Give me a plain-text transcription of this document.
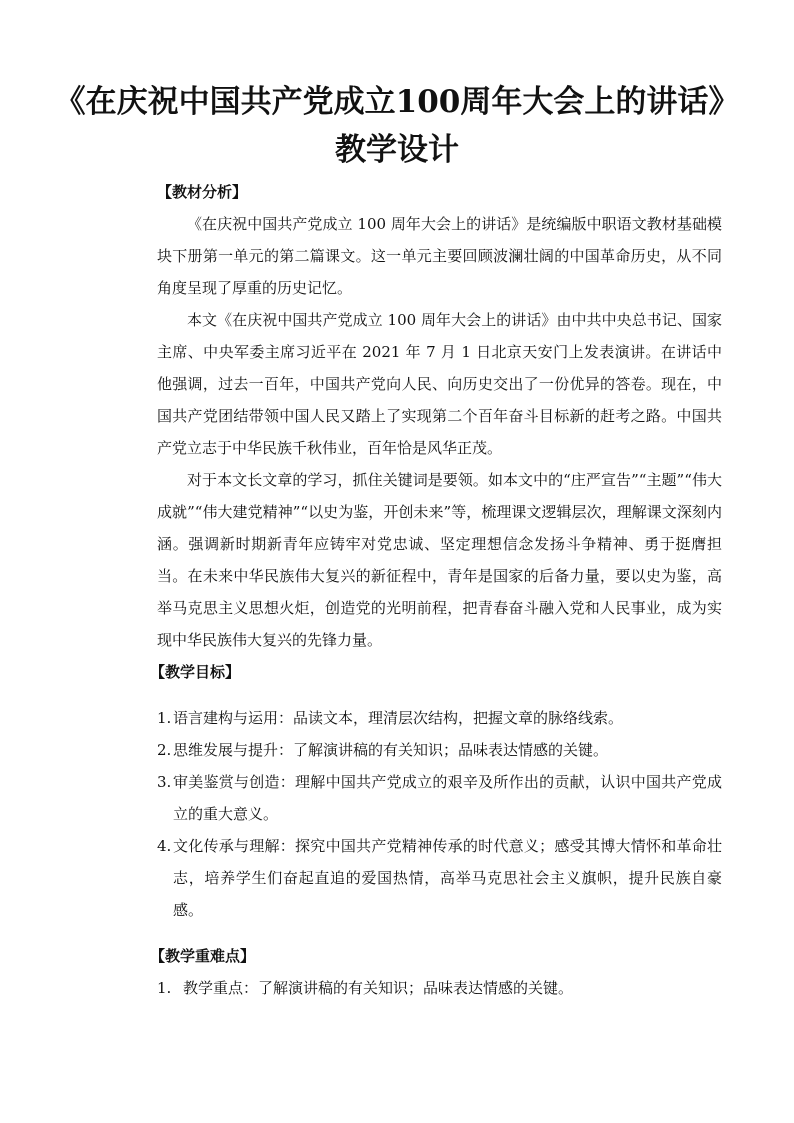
《在庆祝中国共产党成立100周年大会上的讲话》
教学设计
【教材分析】

《在庆祝中国共产党成立 100 周年大会上的讲话》是统编版中职语文教材基础模块下册第一单元的第二篇课文。这一单元主要回顾波澜壮阔的中国革命历史，从不同角度呈现了厚重的历史记忆。

本文《在庆祝中国共产党成立 100 周年大会上的讲话》由中共中央总书记、国家主席、中央军委主席习近平在 2021 年 7 月 1 日北京天安门上发表演讲。在讲话中他强调，过去一百年，中国共产党向人民、向历史交出了一份优异的答卷。现在，中国共产党团结带领中国人民又踏上了实现第二个百年奋斗目标新的赶考之路。中国共产党立志于中华民族千秋伟业，百年恰是风华正茂。

对于本文长文章的学习，抓住关键词是要领。如本文中的“庄严宣告”“主题”“伟大成就”“伟大建党精神”“以史为鉴，开创未来”等，梳理课文逻辑层次，理解课文深刻内涵。强调新时期新青年应铸牢对党忠诚、坚定理想信念发扬斗争精神、勇于挺膺担当。在未来中华民族伟大复兴的新征程中，青年是国家的后备力量，要以史为鉴，高举马克思主义思想火炬，创造党的光明前程，把青春奋斗融入党和人民事业，成为实现中华民族伟大复兴的先锋力量。

【教学目标】
1. 语言建构与运用：品读文本，理清层次结构，把握文章的脉络线索。
2. 思维发展与提升：了解演讲稿的有关知识；品味表达情感的关键。
3. 审美鉴赏与创造：理解中国共产党成立的艰辛及所作出的贡献，认识中国共产党成立的重大意义。
4. 文化传承与理解：探究中国共产党精神传承的时代意义；感受其博大情怀和革命壮志，培养学生们奋起直追的爱国热情，高举马克思社会主义旗帜，提升民族自豪感。
【教学重难点】
1. 教学重点：了解演讲稿的有关知识；品味表达情感的关键。
